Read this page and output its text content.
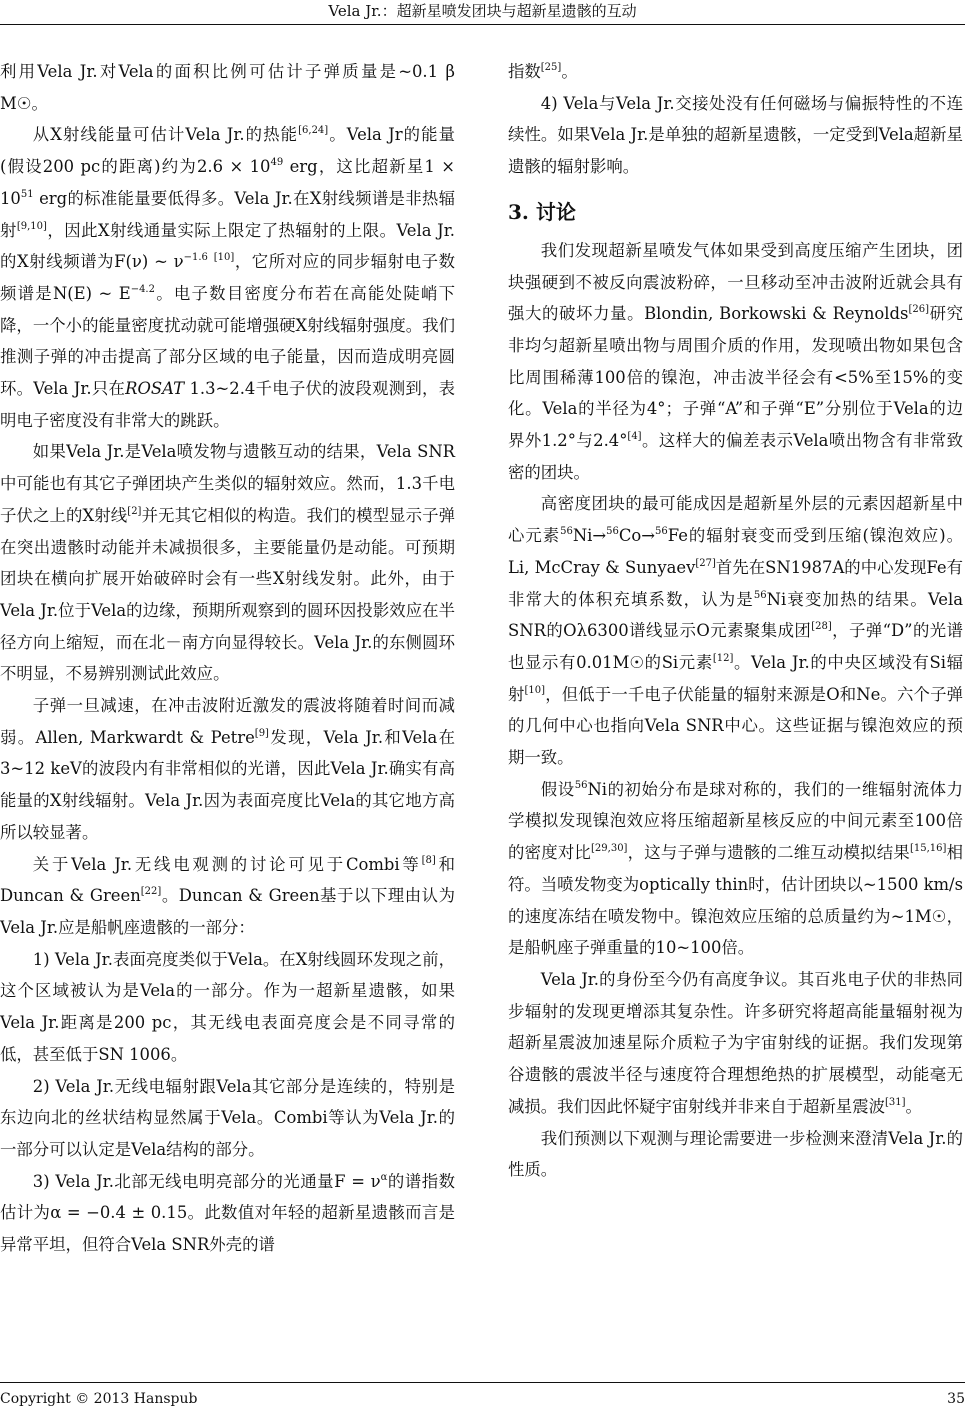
Vela Jr.：超新星喷发团块与超新星遗骸的互动

利用Vela Jr.对Vela的面积比例可估计子弹质量是~0.1 β M☉。

从X射线能量可估计Vela Jr.的热能[6,24]。Vela Jr的能量(假设200 pc的距离)约为$2.6 \times 10^{49}$ erg，这比超新星$1 \times 10^{51}$ erg的标准能量要低得多。Vela Jr.在X射线频谱是非热辐射[9,10]，因此X射线通量实际上限定了热辐射的上限。Vela Jr.的X射线频谱为F(ν) ~ $\nu^{-1.6}$ [10]，它所对应的同步辐射电子数频谱是N(E) ~ $E^{-4.2}$。电子数目密度分布若在高能处陡峭下降，一个小的能量密度扰动就可能增强硬X射线辐射强度。我们推测子弹的冲击提高了部分区域的电子能量，因而造成明亮圆环。Vela Jr.只在ROSAT 1.3~2.4千电子伏的波段观测到，表明电子密度没有非常大的跳跃。

如果Vela Jr.是Vela喷发物与遗骸互动的结果，Vela SNR中可能也有其它子弹团块产生类似的辐射效应。然而，1.3千电子伏之上的X射线[2]并无其它相似的构造。我们的模型显示子弹在突出遗骸时动能并未减损很多，主要能量仍是动能。可预期团块在横向扩展开始破碎时会有一些X射线发射。此外，由于Vela Jr.位于Vela的边缘，预期所观察到的圆环因投影效应在半径方向上缩短，而在北－南方向显得较长。Vela Jr.的东侧圆环不明显，不易辨别测试此效应。

子弹一旦减速，在冲击波附近激发的震波将随着时间而减弱。Allen, Markwardt & Petre[9]发现，Vela Jr.和Vela在3~12 keV的波段内有非常相似的光谱，因此Vela Jr.确实有高能量的X射线辐射。Vela Jr.因为表面亮度比Vela的其它地方高所以较显著。

关于Vela Jr.无线电观测的讨论可见于Combi等[8]和Duncan & Green[22]。Duncan & Green基于以下理由认为Vela Jr.应是船帆座遗骸的一部分：

1) Vela Jr.表面亮度类似于Vela。在X射线圆环发现之前，这个区域被认为是Vela的一部分。作为一超新星遗骸，如果Vela Jr.距离是200 pc，其无线电表面亮度会是不同寻常的低，甚至低于SN 1006。

2) Vela Jr.无线电辐射跟Vela其它部分是连续的，特别是东边向北的丝状结构显然属于Vela。Combi等认为Vela Jr.的一部分可以认定是Vela结构的部分。

3) Vela Jr.北部无线电明亮部分的光通量$F = \nu^\alpha$的谱指数估计为α = −0.4 ± 0.15。此数值对年轻的超新星遗骸而言是异常平坦，但符合Vela SNR外壳的谱

指数[25]。

4) Vela与Vela Jr.交接处没有任何磁场与偏振特性的不连续性。如果Vela Jr.是单独的超新星遗骸，一定受到Vela超新星遗骸的辐射影响。

3. 讨论

我们发现超新星喷发气体如果受到高度压缩产生团块，团块强硬到不被反向震波粉碎，一旦移动至冲击波附近就会具有强大的破坏力量。Blondin, Borkowski & Reynolds[26]研究非均匀超新星喷出物与周围介质的作用，发现喷出物如果包含比周围稀薄100倍的镍泡，冲击波半径会有<5%至15%的变化。Vela的半径为4°；子弹“A”和子弹“E”分别位于Vela的边界外1.2°与2.4°[4]。这样大的偏差表示Vela喷出物含有非常致密的团块。

高密度团块的最可能成因是超新星外层的元素因超新星中心元素$^{56}$Ni→$^{56}$Co→$^{56}$Fe的辐射衰变而受到压缩(镍泡效应)。Li, McCray & Sunyaev[27]首先在SN1987A的中心发现Fe有非常大的体积充填系数，认为是$^{56}$Ni衰变加热的结果。Vela SNR的Oλ6300谱线显示O元素聚集成团[28]，子弹“D”的光谱也显示有0.01M☉的Si元素[12]。Vela Jr.的中央区域没有Si辐射[10]，但低于一千电子伏能量的辐射来源是O和Ne。六个子弹的几何中心也指向Vela SNR中心。这些证据与镍泡效应的预期一致。

假设$^{56}$Ni的初始分布是球对称的，我们的一维辐射流体力学模拟发现镍泡效应将压缩超新星核反应的中间元素至100倍的密度对比[29,30]，这与子弹与遗骸的二维互动模拟结果[15,16]相符。当喷发物变为optically thin时，估计团块以~1500 km/s的速度冻结在喷发物中。镍泡效应压缩的总质量约为~1M☉，是船帆座子弹重量的10~100倍。

Vela Jr.的身份至今仍有高度争议。其百兆电子伏的非热同步辐射的发现更增添其复杂性。许多研究将超高能量辐射视为超新星震波加速星际介质粒子为宇宙射线的证据。我们发现第谷遗骸的震波半径与速度符合理想绝热的扩展模型，动能毫无减损。我们因此怀疑宇宙射线并非来自于超新星震波[31]。

我们预测以下观测与理论需要进一步检测来澄清Vela Jr.的性质。

Copyright © 2013 Hanspub	35
